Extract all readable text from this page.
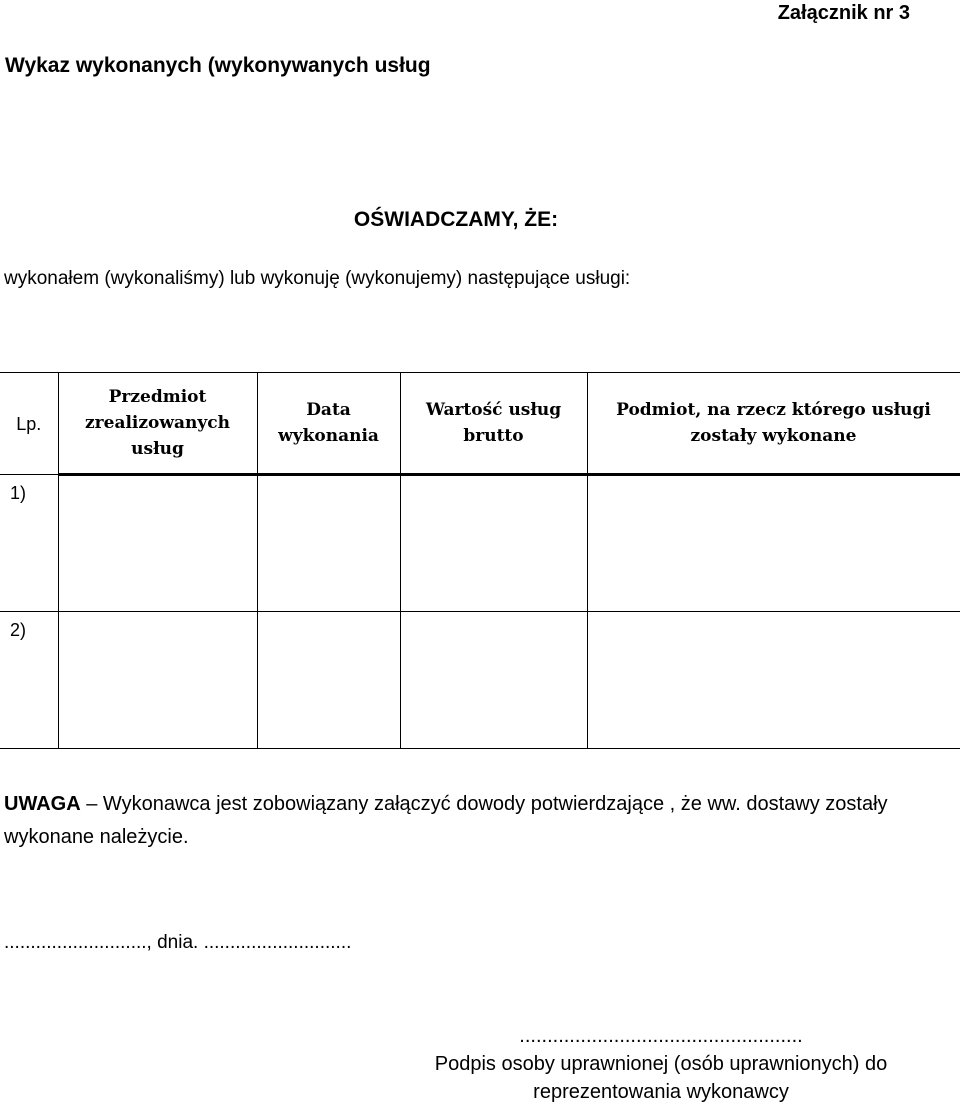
Załącznik nr 3
Wykaz wykonanych (wykonywanych usług
OŚWIADCZAMY, ŻE:
wykonałem (wykonaliśmy) lub wykonuję (wykonujemy) następujące usługi:
Lp.	Przedmiot zrealizowanych usług	Data wykonania	Wartość usług brutto	Podmiot, na rzecz którego usługi zostały wykonane
1)				
2)				
UWAGA – Wykonawca jest zobowiązany załączyć dowody potwierdzające , że ww. dostawy zostały wykonane należycie.
..........................., dnia. ............................
...................................................
Podpis osoby uprawnionej (osób uprawnionych) do reprezentowania wykonawcy
